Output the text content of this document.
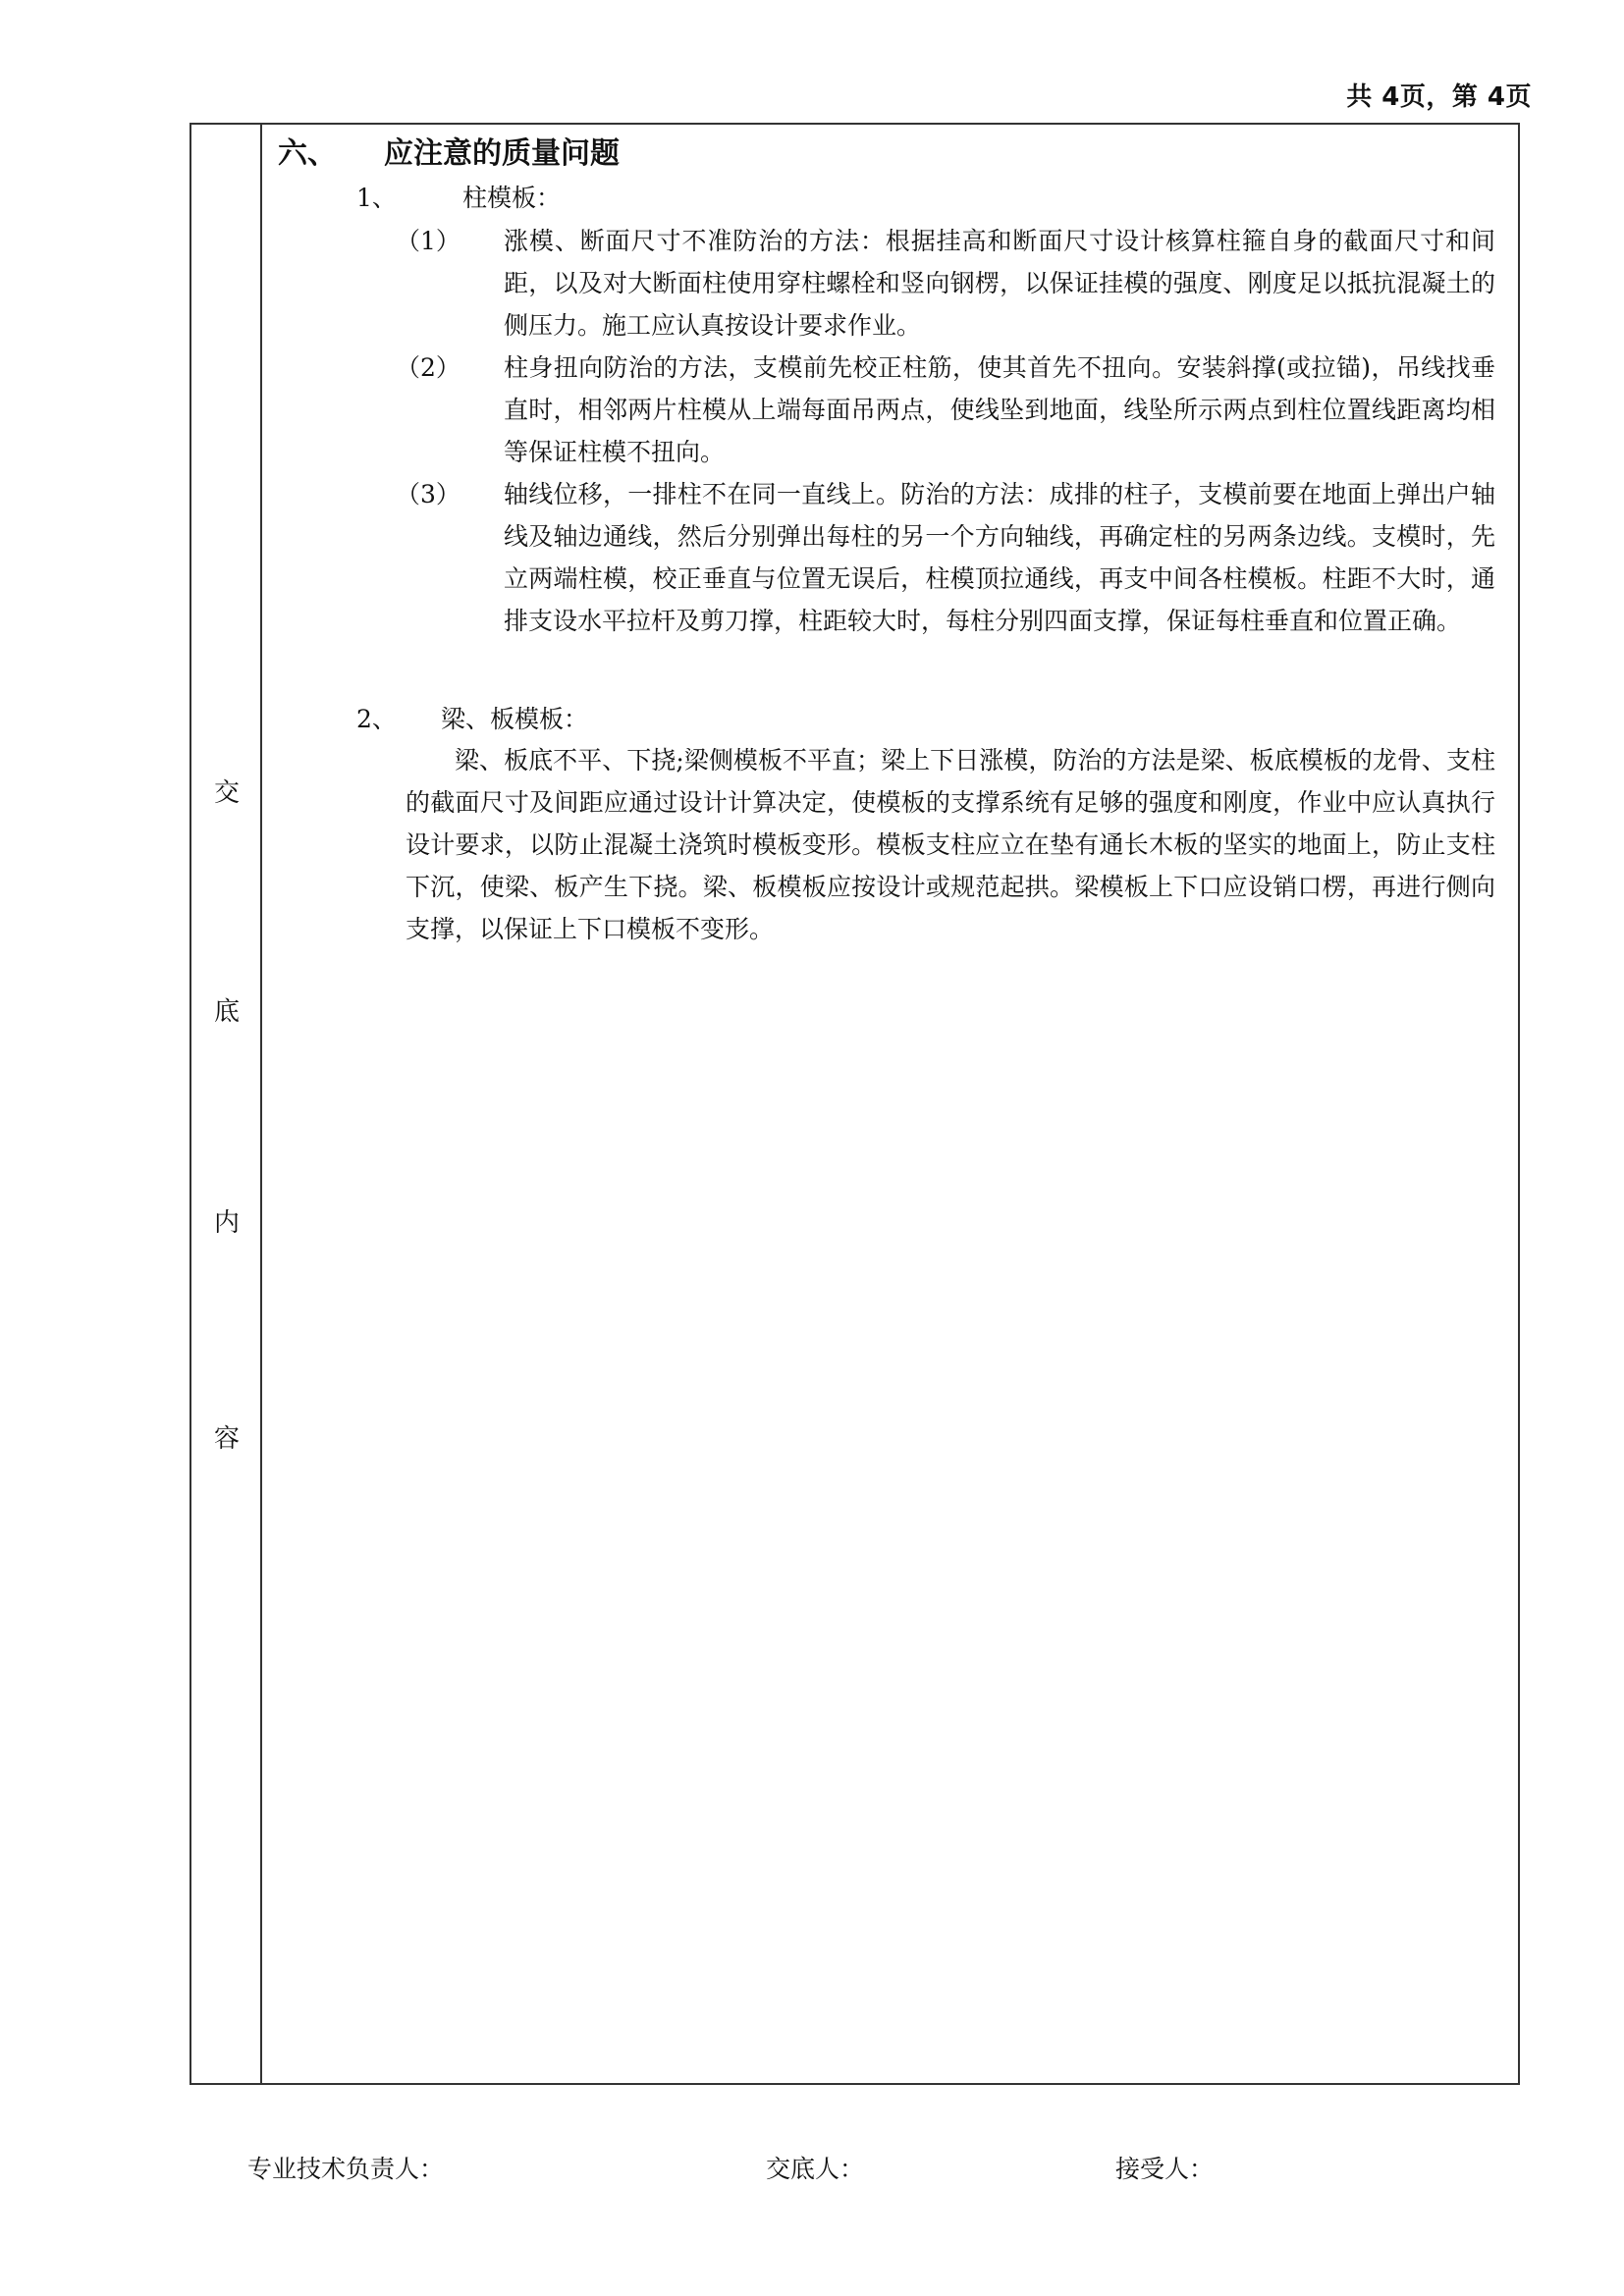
共 4页，第 4页
交
底
内
容
六、 应注意的质量问题
1、	柱模板：
（1）	涨模、断面尺寸不准防治的方法：根据挂高和断面尺寸设计核算柱箍自身的截面尺寸和间距，以及对大断面柱使用穿柱螺栓和竖向钢楞，以保证挂模的强度、刚度足以抵抗混凝土的侧压力。施工应认真按设计要求作业。
（2）	柱身扭向防治的方法，支模前先校正柱筋，使其首先不扭向。安装斜撑(或拉锚)，吊线找垂直时，相邻两片柱模从上端每面吊两点，使线坠到地面，线坠所示两点到柱位置线距离均相等保证柱模不扭向。
（3）	轴线位移，一排柱不在同一直线上。防治的方法：成排的柱子，支模前要在地面上弹出户轴线及轴边通线，然后分别弹出每柱的另一个方向轴线，再确定柱的另两条边线。支模时，先立两端柱模，校正垂直与位置无误后，柱模顶拉通线，再支中间各柱模板。柱距不大时，通排支设水平拉杆及剪刀撑，柱距较大时，每柱分别四面支撑，保证每柱垂直和位置正确。
2、 梁、板模板：
梁、板底不平、下挠;梁侧模板不平直；梁上下日涨模，防治的方法是梁、板底模板的龙骨、支柱的截面尺寸及间距应通过设计计算决定，使模板的支撑系统有足够的强度和刚度，作业中应认真执行设计要求，以防止混凝土浇筑时模板变形。模板支柱应立在垫有通长木板的坚实的地面上，防止支柱下沉，使梁、板产生下挠。梁、板模板应按设计或规范起拱。梁模板上下口应设销口楞，再进行侧向支撑，以保证上下口模板不变形。
专业技术负责人：	交底人：	接受人：
